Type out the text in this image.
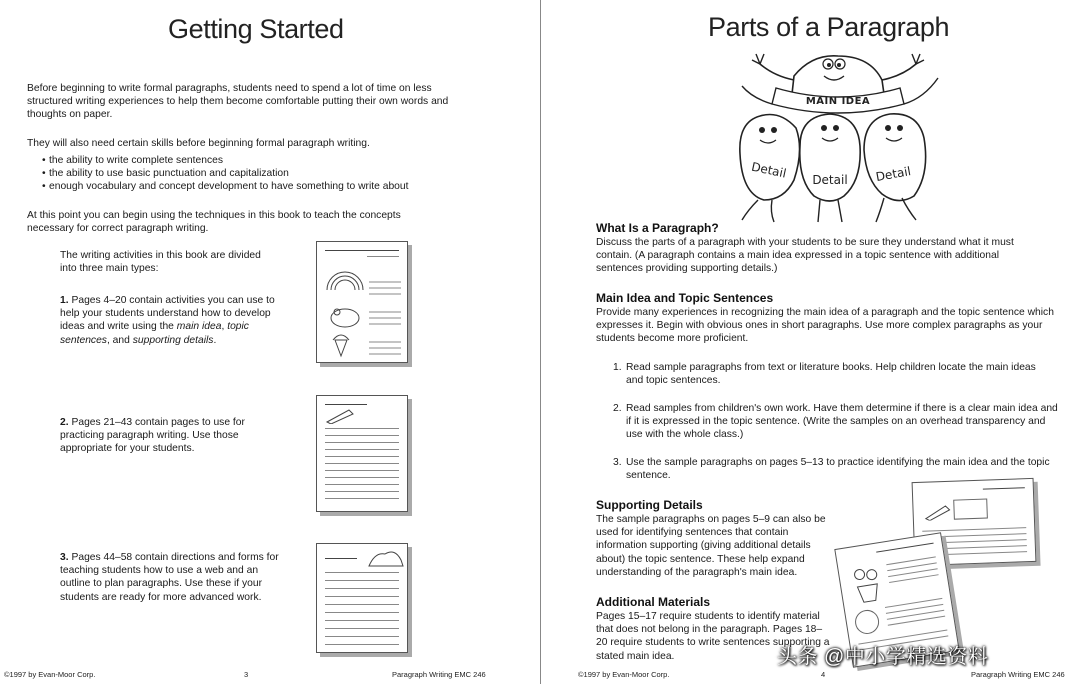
Getting Started

Before beginning to write formal paragraphs, students need to spend a lot of time on less structured writing experiences to help them become comfortable putting their own words and thoughts on paper.

They will also need certain skills before beginning formal paragraph writing.

• the ability to write complete sentences
• the ability to use basic punctuation and capitalization
• enough vocabulary and concept development to have something to write about

At this point you can begin using the techniques in this book to teach the concepts necessary for correct paragraph writing.

The writing activities in this book are divided into three main types:

1. Pages 4–20 contain activities you can use to help your students understand how to develop ideas and write using the main idea, topic sentences, and supporting details.

2. Pages 21–43 contain pages to use for practicing paragraph writing. Use those appropriate for your students.

3. Pages 44–58 contain directions and forms for teaching students how to use a web and an outline to plan paragraphs. Use these if your students are ready for more advanced work.

©1997 by Evan-Moor Corp.	3	Paragraph Writing EMC 246
Parts of a Paragraph
MAIN IDEA
Detail Detail Detail
What Is a Paragraph?

Discuss the parts of a paragraph with your students to be sure they understand what it must contain. (A paragraph contains a main idea expressed in a topic sentence with additional sentences providing supporting details.)

Main Idea and Topic Sentences

Provide many experiences in recognizing the main idea of a paragraph and the topic sentence which expresses it. Begin with obvious ones in short paragraphs. Use more complex paragraphs as your students become more proficient.

1. Read sample paragraphs from text or literature books. Help children locate the main ideas and topic sentences.

2. Read samples from children's own work. Have them determine if there is a clear main idea and if it is expressed in the topic sentence. (Write the samples on an overhead transparency and use with the whole class.)

3. Use the sample paragraphs on pages 5–13 to practice identifying the main idea and the topic sentence.

Supporting Details

The sample paragraphs on pages 5–9 can also be used for identifying sentences that contain information supporting (giving additional details about) the topic sentence. These help expand understanding of the paragraph's main idea.

Additional Materials

Pages 15–17 require students to identify material that does not belong in the paragraph. Pages 18–20 require students to write sentences supporting a stated main idea.	头条 @中小学精选资料
©1997 by Evan-Moor Corp.	4	Paragraph Writing EMC 246
